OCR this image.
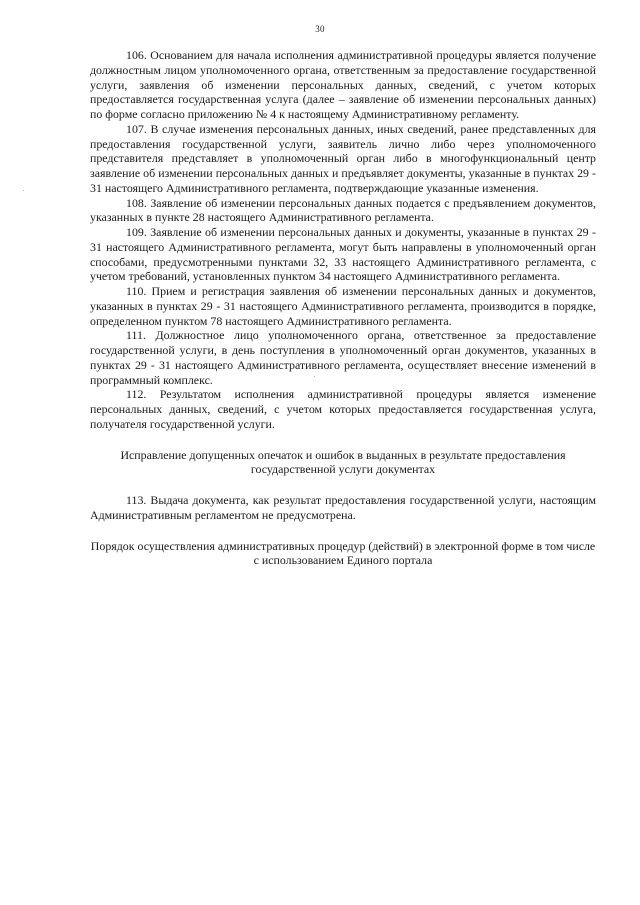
30

106. Основанием для начала исполнения административной процедуры является получение должностным лицом уполномоченного органа, ответственным за предоставление государственной услуги, заявления об изменении персональных данных, сведений, с учетом которых предоставляется государственная услуга (далее – заявление об изменении персональных данных) по форме согласно приложению № 4 к настоящему Административному регламенту.

107. В случае изменения персональных данных, иных сведений, ранее представленных для предоставления государственной услуги, заявитель лично либо через уполномоченного представителя представляет в уполномоченный орган либо в многофункциональный центр заявление об изменении персональных данных и предъявляет документы, указанные в пунктах 29 - 31 настоящего Административного регламента, подтверждающие указанные изменения.

108. Заявление об изменении персональных данных подается с предъявлением документов, указанных в пункте 28 настоящего Административного регламента.

109. Заявление об изменении персональных данных и документы, указанные в пунктах 29 - 31 настоящего Административного регламента, могут быть направлены в уполномоченный орган способами, предусмотренными пунктами 32, 33 настоящего Административного регламента, с учетом требований, установленных пунктом 34 настоящего Административного регламента.

110. Прием и регистрация заявления об изменении персональных данных и документов, указанных в пунктах 29 - 31 настоящего Административного регламента, производится в порядке, определенном пунктом 78 настоящего Административного регламента.

111. Должностное лицо уполномоченного органа, ответственное за предоставление государственной услуги, в день поступления в уполномоченный орган документов, указанных в пунктах 29 - 31 настоящего Административного регламента, осуществляет внесение изменений в программный комплекс.

112. Результатом исполнения административной процедуры является изменение персональных данных, сведений, с учетом которых предоставляется государственная услуга, получателя государственной услуги.

Исправление допущенных опечаток и ошибок в выданных в результате предоставления государственной услуги документах

113. Выдача документа, как результат предоставления государственной услуги, настоящим Административным регламентом не предусмотрена.

Порядок осуществления административных процедур (действий) в электронной форме в том числе с использованием Единого портала
